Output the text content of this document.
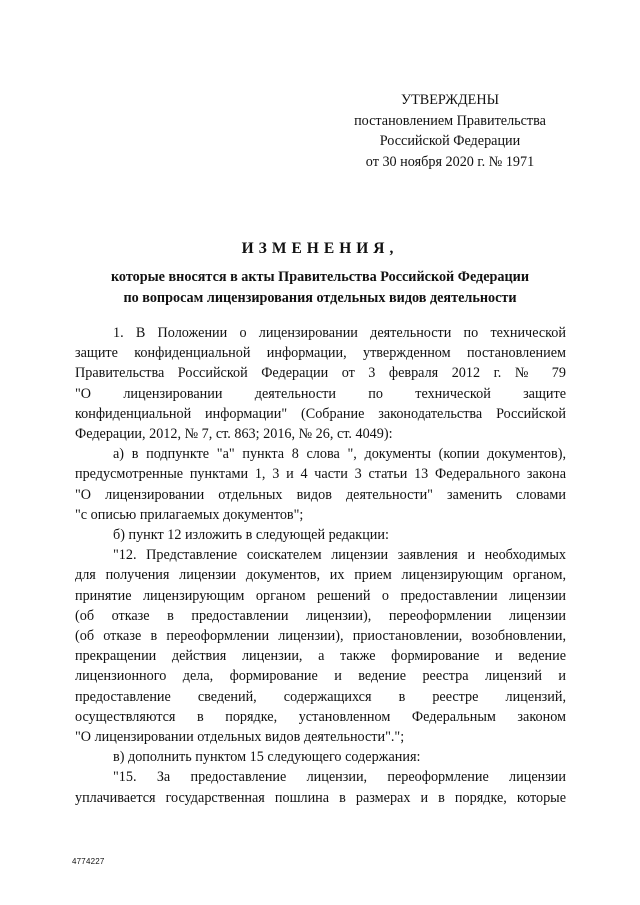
УТВЕРЖДЕНЫ
постановлением Правительства
Российской Федерации
от 30 ноября 2020 г. № 1971
ИЗМЕНЕНИЯ,
которые вносятся в акты Правительства Российской Федерации
по вопросам лицензирования отдельных видов деятельности
1. В Положении о лицензировании деятельности по технической
защите конфиденциальной информации, утвержденном постановлением
Правительства Российской Федерации от 3 февраля 2012 г. № 79
"О лицензировании деятельности по технической защите
конфиденциальной информации" (Собрание законодательства Российской
Федерации, 2012, № 7, ст. 863; 2016, № 26, ст. 4049):
а) в подпункте "а" пункта 8 слова ", документы (копии документов),
предусмотренные пунктами 1, 3 и 4 части 3 статьи 13 Федерального закона
"О лицензировании отдельных видов деятельности" заменить словами
"с описью прилагаемых документов";
б) пункт 12 изложить в следующей редакции:
"12. Представление соискателем лицензии заявления и необходимых
для получения лицензии документов, их прием лицензирующим органом,
принятие лицензирующим органом решений о предоставлении лицензии
(об отказе в предоставлении лицензии), переоформлении лицензии
(об отказе в переоформлении лицензии), приостановлении, возобновлении,
прекращении действия лицензии, а также формирование и ведение
лицензионного дела, формирование и ведение реестра лицензий и
предоставление сведений, содержащихся в реестре лицензий,
осуществляются в порядке, установленном Федеральным законом
"О лицензировании отдельных видов деятельности".";
в) дополнить пунктом 15 следующего содержания:
"15. За предоставление лицензии, переоформление лицензии
уплачивается государственная пошлина в размерах и в порядке, которые
4774227
